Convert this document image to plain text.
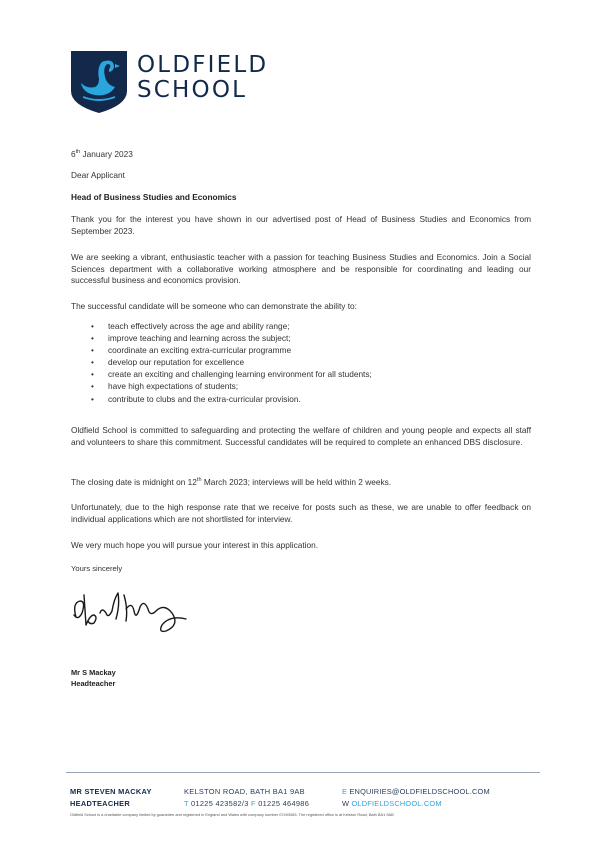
OLDFIELD
SCHOOL
6th January 2023
Dear Applicant
Head of Business Studies and Economics
Thank you for the interest you have shown in our advertised post of Head of Business Studies and Economics from September 2023.
We are seeking a vibrant, enthusiastic teacher with a passion for teaching Business Studies and Economics. Join a Social Sciences department with a collaborative working atmosphere and be responsible for coordinating and leading our successful business and economics provision.
The successful candidate will be someone who can demonstrate the ability to:
• teach effectively across the age and ability range;
• improve teaching and learning across the subject;
• coordinate an exciting extra-curricular programme
• develop our reputation for excellence
• create an exciting and challenging learning environment for all students;
• have high expectations of students;
• contribute to clubs and the extra-curricular provision.
Oldfield School is committed to safeguarding and protecting the welfare of children and young people and expects all staff and volunteers to share this commitment. Successful candidates will be required to complete an enhanced DBS disclosure.
The closing date is midnight on 12th March 2023; interviews will be held within 2 weeks.
Unfortunately, due to the high response rate that we receive for posts such as these, we are unable to offer feedback on individual applications which are not shortlisted for interview.
We very much hope you will pursue your interest in this application.
Yours sincerely
Mr S Mackay
Headteacher
MR STEVEN MACKAY
HEADTEACHER
KELSTON ROAD, BATH BA1 9AB
T 01225 423582/3 F 01225 464986
E ENQUIRIES@OLDFIELDSCHOOL.COM
W OLDFIELDSCHOOL.COM
Oldfield School is a charitable company limited by guarantee and registered in England and Wales with company number 07493065. The registered office is at Kelston Road, Bath BA1 9AB
